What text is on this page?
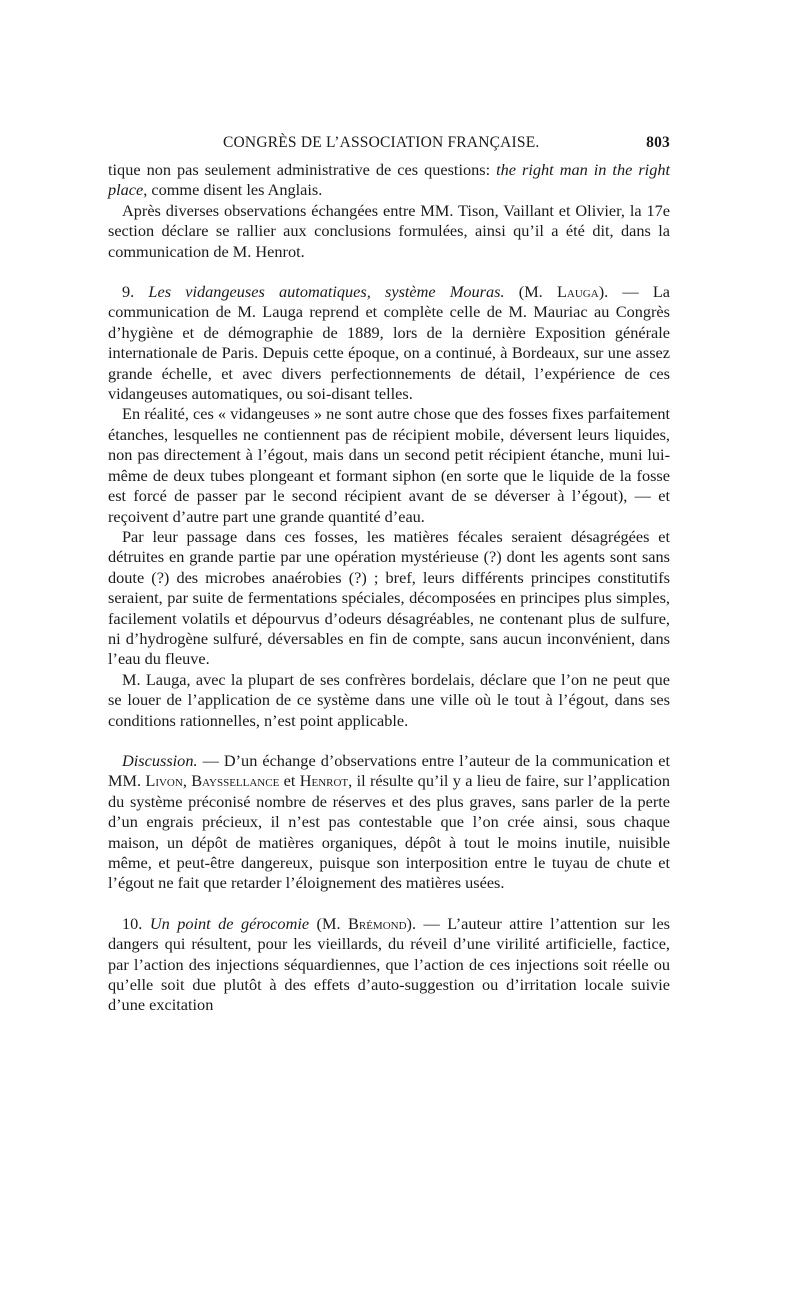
CONGRÈS DE L’ASSOCIATION FRANÇAISE.	803

tique non pas seulement administrative de ces questions: the right man in the right place, comme disent les Anglais.

Après diverses observations échangées entre MM. Tison, Vaillant et Olivier, la 17e section déclare se rallier aux conclusions formulées, ainsi qu’il a été dit, dans la communication de M. Henrot.

9. Les vidangeuses automatiques, système Mouras. (M. Lauga). — La communication de M. Lauga reprend et complète celle de M. Mauriac au Congrès d’hygiène et de démographie de 1889, lors de la dernière Exposition générale internationale de Paris. Depuis cette époque, on a continué, à Bordeaux, sur une assez grande échelle, et avec divers perfectionnements de détail, l’expérience de ces vidangeuses automatiques, ou soi-disant telles.

En réalité, ces « vidangeuses » ne sont autre chose que des fosses fixes parfaitement étanches, lesquelles ne contiennent pas de récipient mobile, déversent leurs liquides, non pas directement à l’égout, mais dans un second petit récipient étanche, muni lui-même de deux tubes plongeant et formant siphon (en sorte que le liquide de la fosse est forcé de passer par le second récipient avant de se déverser à l’égout), — et reçoivent d’autre part une grande quantité d’eau.

Par leur passage dans ces fosses, les matières fécales seraient désagrégées et détruites en grande partie par une opération mystérieuse (?) dont les agents sont sans doute (?) des microbes anaérobies (?) ; bref, leurs différents principes constitutifs seraient, par suite de fermentations spéciales, décomposées en principes plus simples, facilement volatils et dépourvus d’odeurs désagréables, ne contenant plus de sulfure, ni d’hydrogène sulfuré, déversables en fin de compte, sans aucun inconvénient, dans l’eau du fleuve.

M. Lauga, avec la plupart de ses confrères bordelais, déclare que l’on ne peut que se louer de l’application de ce système dans une ville où le tout à l’égout, dans ses conditions rationnelles, n’est point applicable.

Discussion. — D’un échange d’observations entre l’auteur de la communication et MM. Livon, Bayssellance et Henrot, il résulte qu’il y a lieu de faire, sur l’application du système préconisé nombre de réserves et des plus graves, sans parler de la perte d’un engrais précieux, il n’est pas contestable que l’on crée ainsi, sous chaque maison, un dépôt de matières organiques, dépôt à tout le moins inutile, nuisible même, et peut-être dangereux, puisque son interposition entre le tuyau de chute et l’égout ne fait que retarder l’éloignement des matières usées.

10. Un point de gérocomie (M. Brémond). — L’auteur attire l’attention sur les dangers qui résultent, pour les vieillards, du réveil d’une virilité artificielle, factice, par l’action des injections séquardiennes, que l’action de ces injections soit réelle ou qu’elle soit due plutôt à des effets d’auto-suggestion ou d’irritation locale suivie d’une excitation
